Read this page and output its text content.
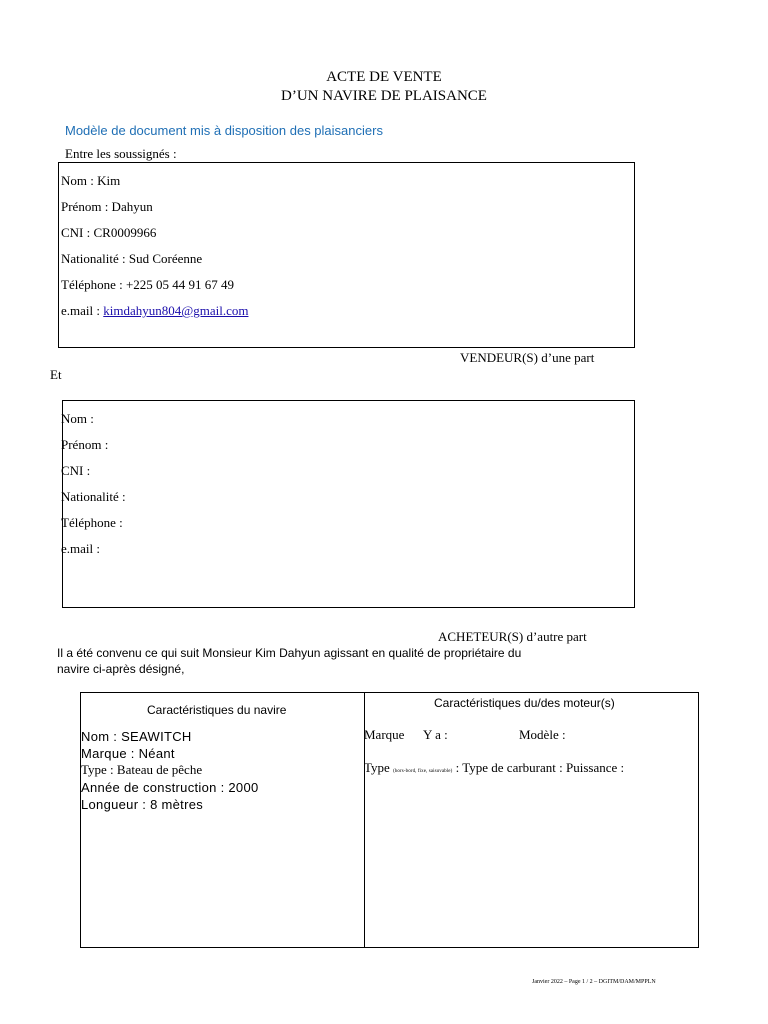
ACTE DE VENTE
D’UN NAVIRE DE PLAISANCE
Modèle de document mis à disposition des plaisanciers
Entre les soussignés :
Nom : Kim
Prénom : Dahyun
CNI : CR0009966
Nationalité : Sud Coréenne
Téléphone : +225 05 44 91 67 49
e.mail : kimdahyun804@gmail.com
VENDEUR(S) d’une part
Et
Nom :
Prénom :
CNI :
Nationalité :
Téléphone :
e.mail :
ACHETEUR(S) d’autre part
Il a été convenu ce qui suit Monsieur Kim Dahyun agissant en qualité de propriétaire du
navire ci-après désigné,
Caractéristiques du navire
Nom : SEAWITCH
Marque : Néant
Type : Bateau de pêche
Année de construction : 2000
Longueur : 8 mètres
Caractéristiques du/des moteur(s)
Marque Y a :	Modèle :
Type (hors-bord, fixe, saisuvable) : Type de carburant : Puissance :
Janvier 2022 – Page 1 / 2 – DGITM/DAM/MPPLN
